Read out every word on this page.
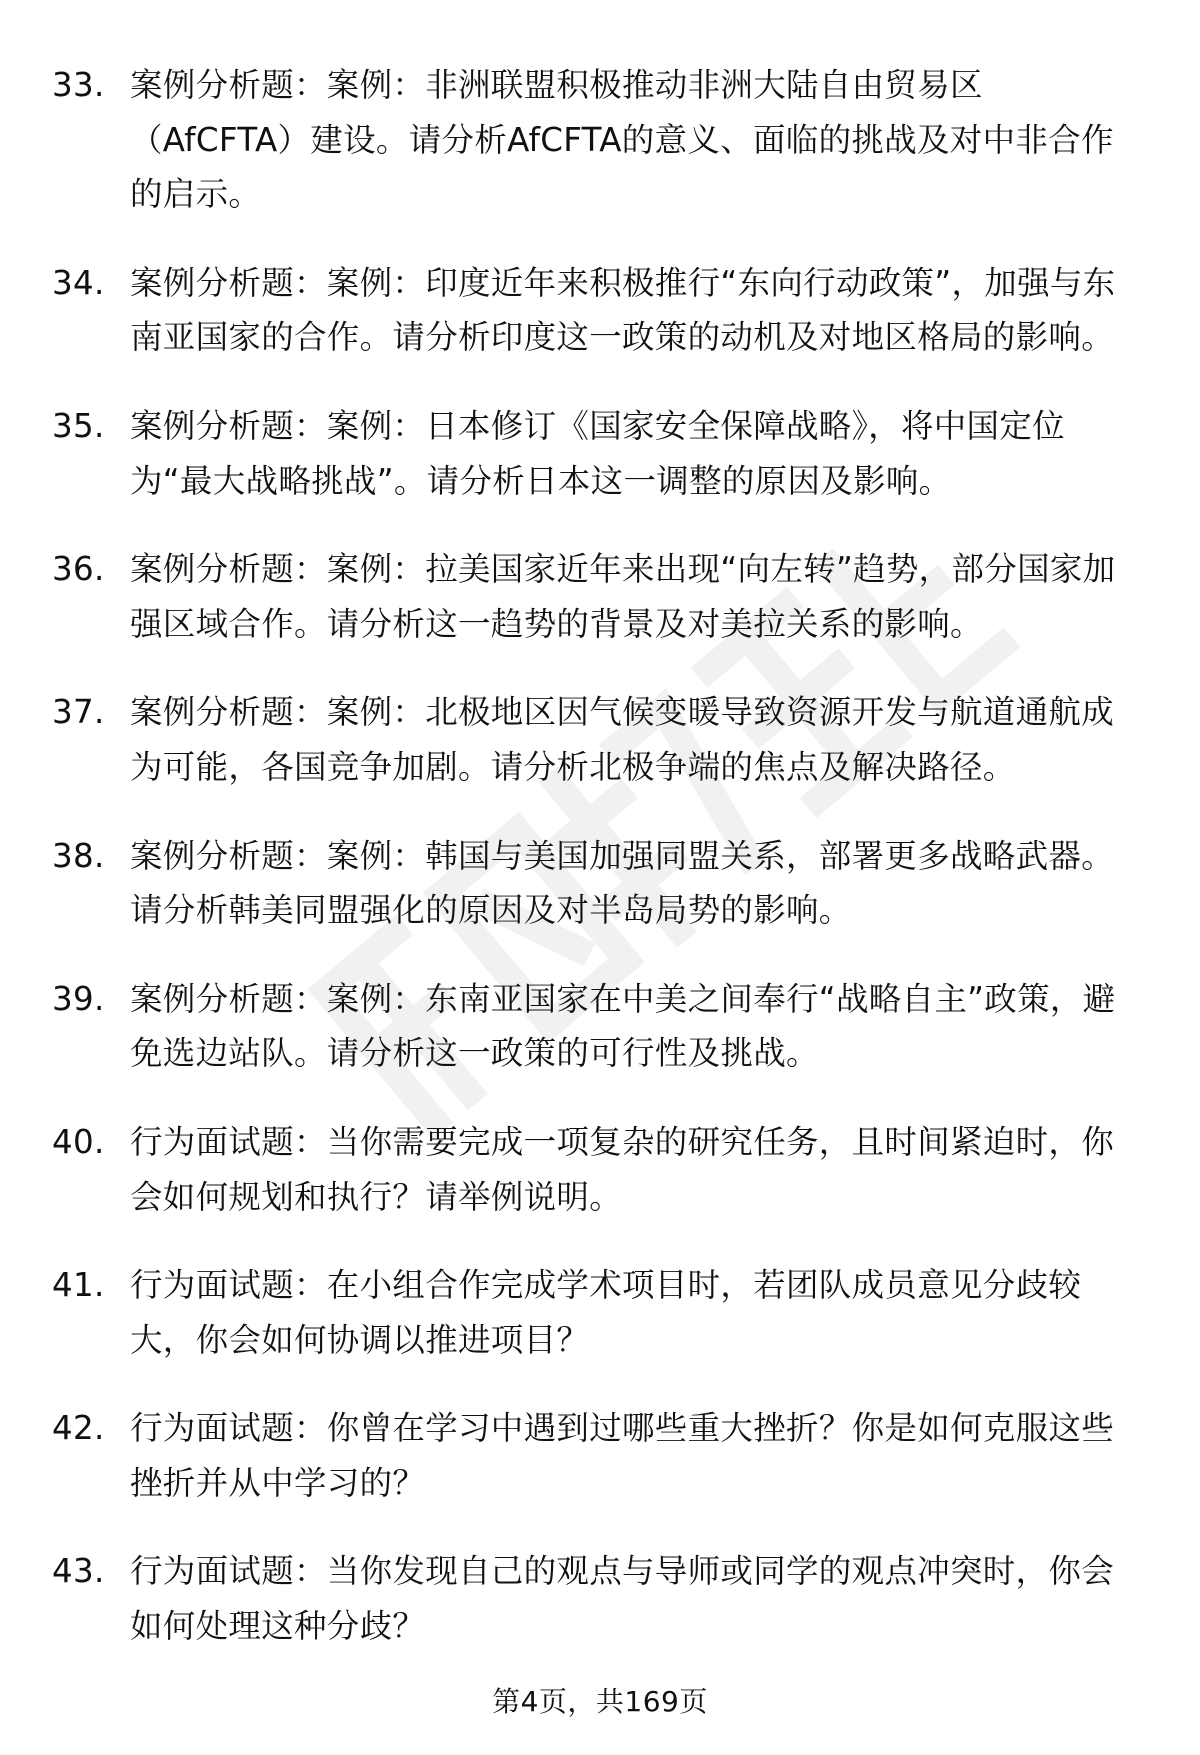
33. 案例分析题：案例：非洲联盟积极推动非洲大陆自由贸易区（AfCFTA）建设。请分析AfCFTA的意义、面临的挑战及对中非合作的启示。
34. 案例分析题：案例：印度近年来积极推行“东向行动政策”，加强与东南亚国家的合作。请分析印度这一政策的动机及对地区格局的影响。
35. 案例分析题：案例：日本修订《国家安全保障战略》，将中国定位为“最大战略挑战”。请分析日本这一调整的原因及影响。
36. 案例分析题：案例：拉美国家近年来出现“向左转”趋势，部分国家加强区域合作。请分析这一趋势的背景及对美拉关系的影响。
37. 案例分析题：案例：北极地区因气候变暖导致资源开发与航道通航成为可能，各国竞争加剧。请分析北极争端的焦点及解决路径。
38. 案例分析题：案例：韩国与美国加强同盟关系，部署更多战略武器。请分析韩美同盟强化的原因及对半岛局势的影响。
39. 案例分析题：案例：东南亚国家在中美之间奉行“战略自主”政策，避免选边站队。请分析这一政策的可行性及挑战。
40. 行为面试题：当你需要完成一项复杂的研究任务，且时间紧迫时，你会如何规划和执行？请举例说明。
41. 行为面试题：在小组合作完成学术项目时，若团队成员意见分歧较大，你会如何协调以推进项目？
42. 行为面试题：你曾在学习中遇到过哪些重大挫折？你是如何克服这些挫折并从中学习的？
43. 行为面试题：当你发现自己的观点与导师或同学的观点冲突时，你会如何处理这种分歧？
第4页，共169页
